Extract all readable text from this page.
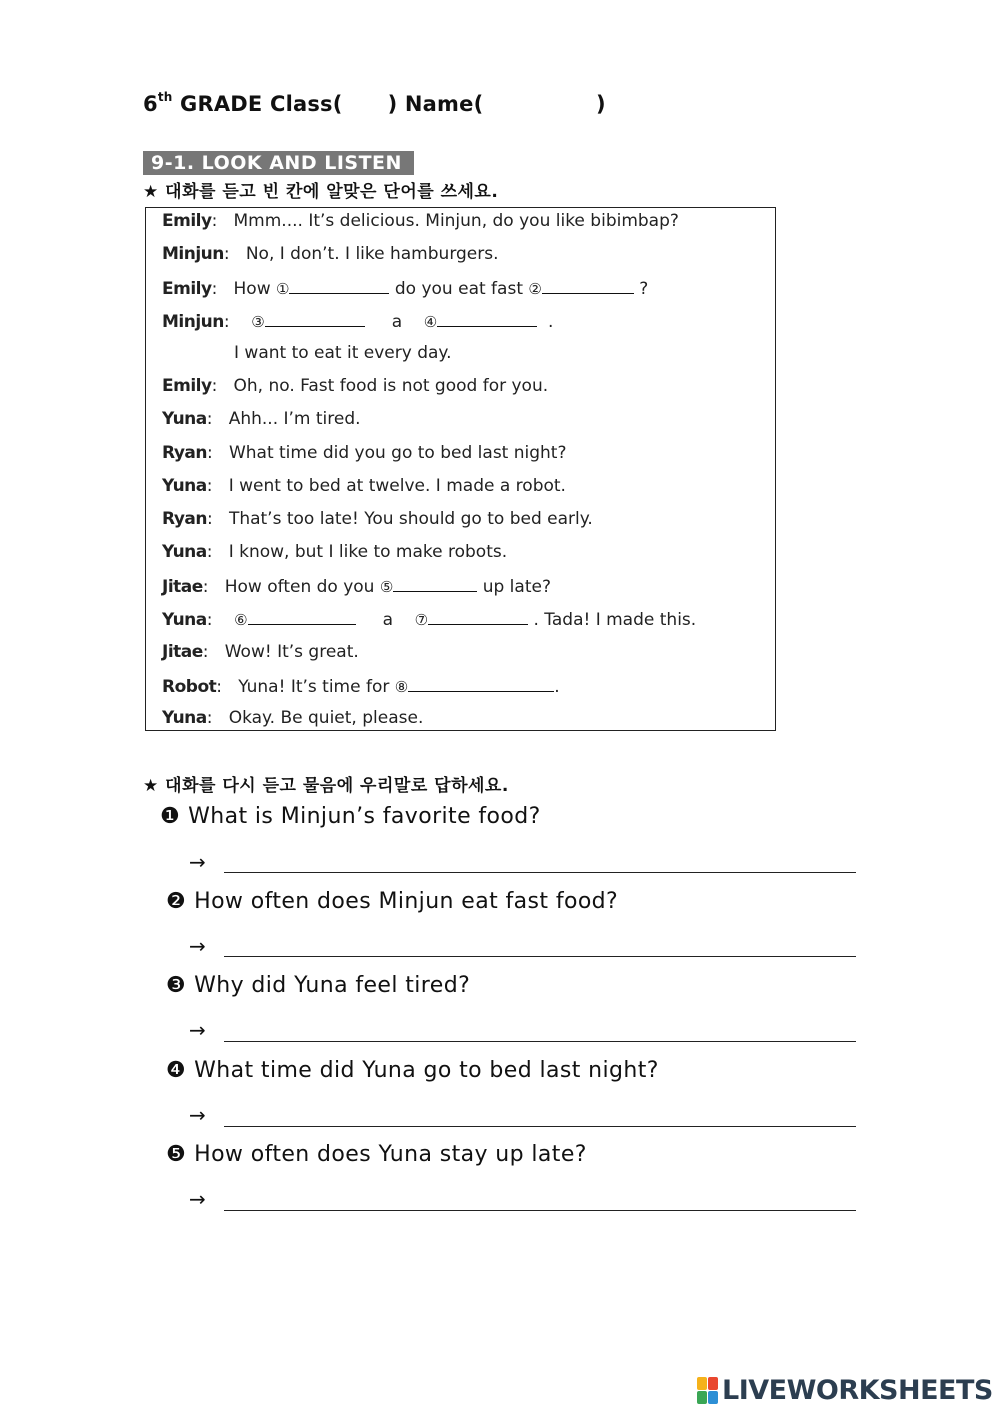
6th GRADE Class(      ) Name(               )
9-1. LOOK AND LISTEN
★ 대화를 듣고 빈 칸에 알맞은 단어를 쓰세요.
Emily:   Mmm.... It’s delicious. Minjun, do you like bibimbap?
Minjun:   No, I don’t. I like hamburgers.
Emily:   How ①	do you eat fast ②	?
Minjun:    ③	a ④	.
I want to eat it every day.
Emily:   Oh, no. Fast food is not good for you.
Yuna:   Ahh... I’m tired.
Ryan:   What time did you go to bed last night?
Yuna:   I went to bed at twelve. I made a robot.
Ryan:   That’s too late! You should go to bed early.
Yuna:   I know, but I like to make robots.
Jitae:   How often do you ⑤	up late?
Yuna:    ⑥	a ⑦	. Tada! I made this.
Jitae:   Wow! It’s great.
Robot:   Yuna! It’s time for ⑧	.
Yuna:   Okay. Be quiet, please.
★ 대화를 다시 듣고 물음에 우리말로 답하세요.
❶ What is Minjun’s favorite food?
→
❷ How often does Minjun eat fast food?
→
❸ Why did Yuna feel tired?
→
❹ What time did Yuna go to bed last night?
→
❺ How often does Yuna stay up late?
→
LIVEWORKSHEETS
